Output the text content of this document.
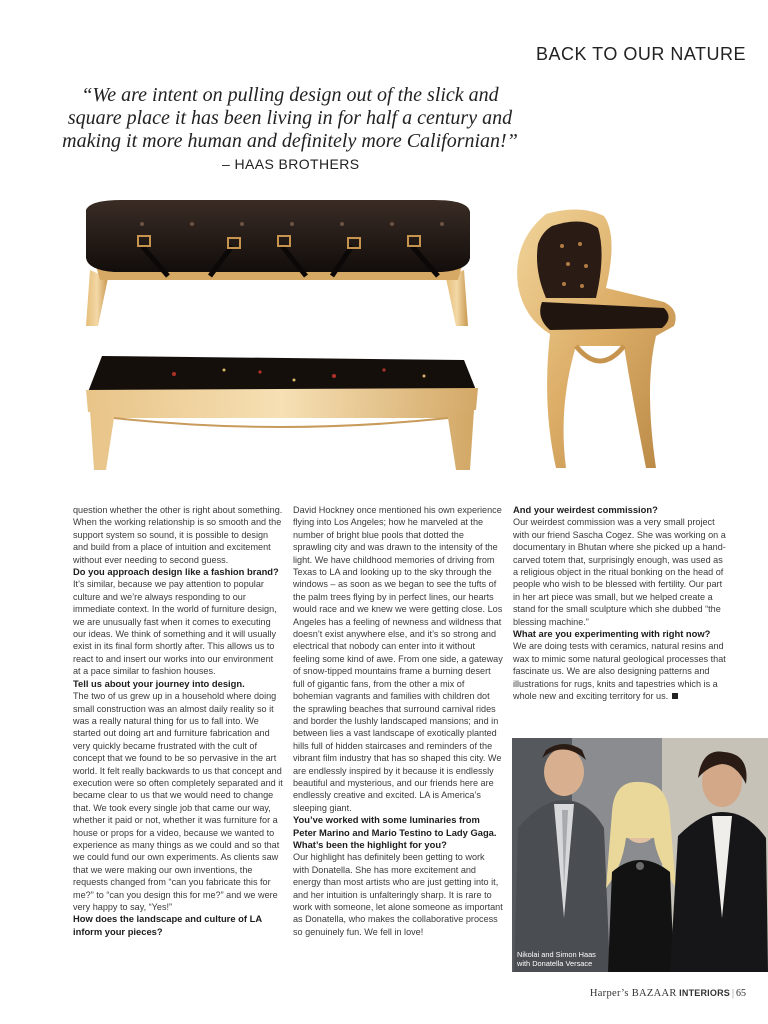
BACK TO OUR NATURE
“We are intent on pulling design out of the slick and square place it has been living in for half a century and making it more human and definitely more Californian!”
– HAAS BROTHERS

question whether the other is right about something. When the working relationship is so smooth and the support system so sound, it is possible to design and build from a place of intuition and excitement without ever needing to second guess.

Do you approach design like a fashion brand?

It’s similar, because we pay attention to popular culture and we’re always responding to our immediate context. In the world of furniture design, we are unusually fast when it comes to executing our ideas. We think of something and it will usually exist in its final form shortly after. This allows us to react to and insert our works into our environment at a pace similar to fashion houses.

Tell us about your journey into design.

The two of us grew up in a household where doing small construction was an almost daily reality so it was a really natural thing for us to fall into. We started out doing art and furniture fabrication and very quickly became frustrated with the cult of concept that we found to be so pervasive in the art world. It felt really backwards to us that concept and execution were so often completely separated and it became clear to us that we would need to change that. We took every single job that came our way, whether it paid or not, whether it was furniture for a house or props for a video, because we wanted to experience as many things as we could and so that we could fund our own experiments. As clients saw that we were making our own inventions, the requests changed from “can you fabricate this for me?” to “can you design this for me?” and we were very happy to say, “Yes!”

How does the landscape and culture of LA inform your pieces?

David Hockney once mentioned his own experience flying into Los Angeles; how he marveled at the number of bright blue pools that dotted the sprawling city and was drawn to the intensity of the light. We have childhood memories of driving from Texas to LA and looking up to the sky through the windows – as soon as we began to see the tufts of the palm trees flying by in perfect lines, our hearts would race and we knew we were getting close. Los Angeles has a feeling of newness and wildness that doesn’t exist anywhere else, and it’s so strong and electrical that nobody can enter into it without feeling some kind of awe. From one side, a gateway of snow-tipped mountains frame a burning desert full of gigantic fans, from the other a mix of bohemian vagrants and families with children dot the sprawling beaches that surround carnival rides and border the lushly landscaped mansions; and in between lies a vast landscape of exotically planted hills full of hidden staircases and reminders of the vibrant film industry that has so shaped this city. We are endlessly inspired by it because it is endlessly beautiful and mysterious, and our friends here are endlessly creative and excited. LA is America’s sleeping giant.

You’ve worked with some luminaries from Peter Marino and Mario Testino to Lady Gaga. What’s been the highlight for you?

Our highlight has definitely been getting to work with Donatella. She has more excitement and energy than most artists who are just getting into it, and her intuition is unfalteringly sharp. It is rare to work with someone, let alone someone as important as Donatella, who makes the collaborative process so genuinely fun. We fell in love!

And your weirdest commission?

Our weirdest commission was a very small project with our friend Sascha Cogez. She was working on a documentary in Bhutan where she picked up a hand-carved totem that, surprisingly enough, was used as a religious object in the ritual bonking on the head of people who wish to be blessed with fertility. Our part in her art piece was small, but we helped create a stand for the small sculpture which she dubbed “the blessing machine.”

What are you experimenting with right now?

We are doing tests with ceramics, natural resins and wax to mimic some natural geological processes that fascinate us. We are also designing patterns and illustrations for rugs, knits and tapestries which is a whole new and exciting territory for us.

Nikolai and Simon Haas with Donatella Versace
Harper’s BAZAAR INTERIORS | 65
